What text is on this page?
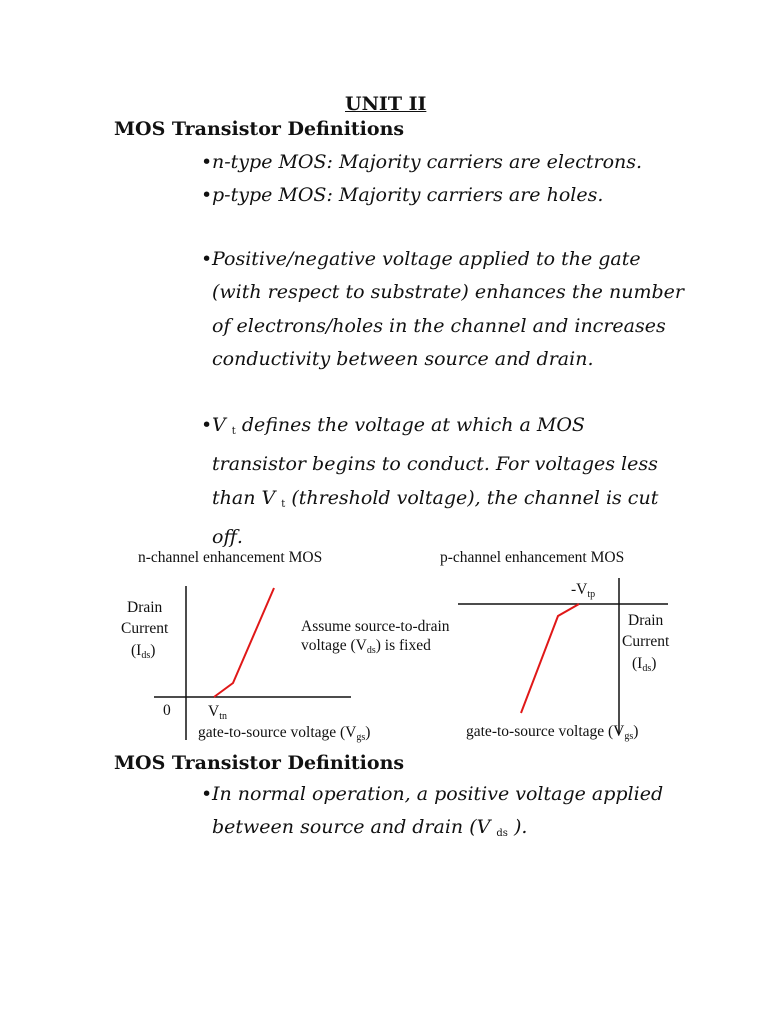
UNIT II
MOS Transistor Definitions
• n-type MOS: Majority carriers are electrons.
• p-type MOS: Majority carriers are holes.
• Positive/negative voltage applied to the gate
(with respect to substrate) enhances the number
of electrons/holes in the channel and increases
conductivity between source and drain.
• V $_t$ defines the voltage at which a MOS
transistor begins to conduct. For voltages less
than V $_t$ (threshold voltage), the channel is cut
off.
n-channel enhancement MOS	p-channel enhancement MOS
Drain
Current
(Ids)
0 Vtn
gate-to-source voltage (Vgs)
Assume source-to-drain
voltage (Vds) is fixed
-Vtp
Drain
Current
(Ids)
gate-to-source voltage (Vgs)
MOS Transistor Definitions
• In normal operation, a positive voltage applied
between source and drain (V $_{ds}$ ).
